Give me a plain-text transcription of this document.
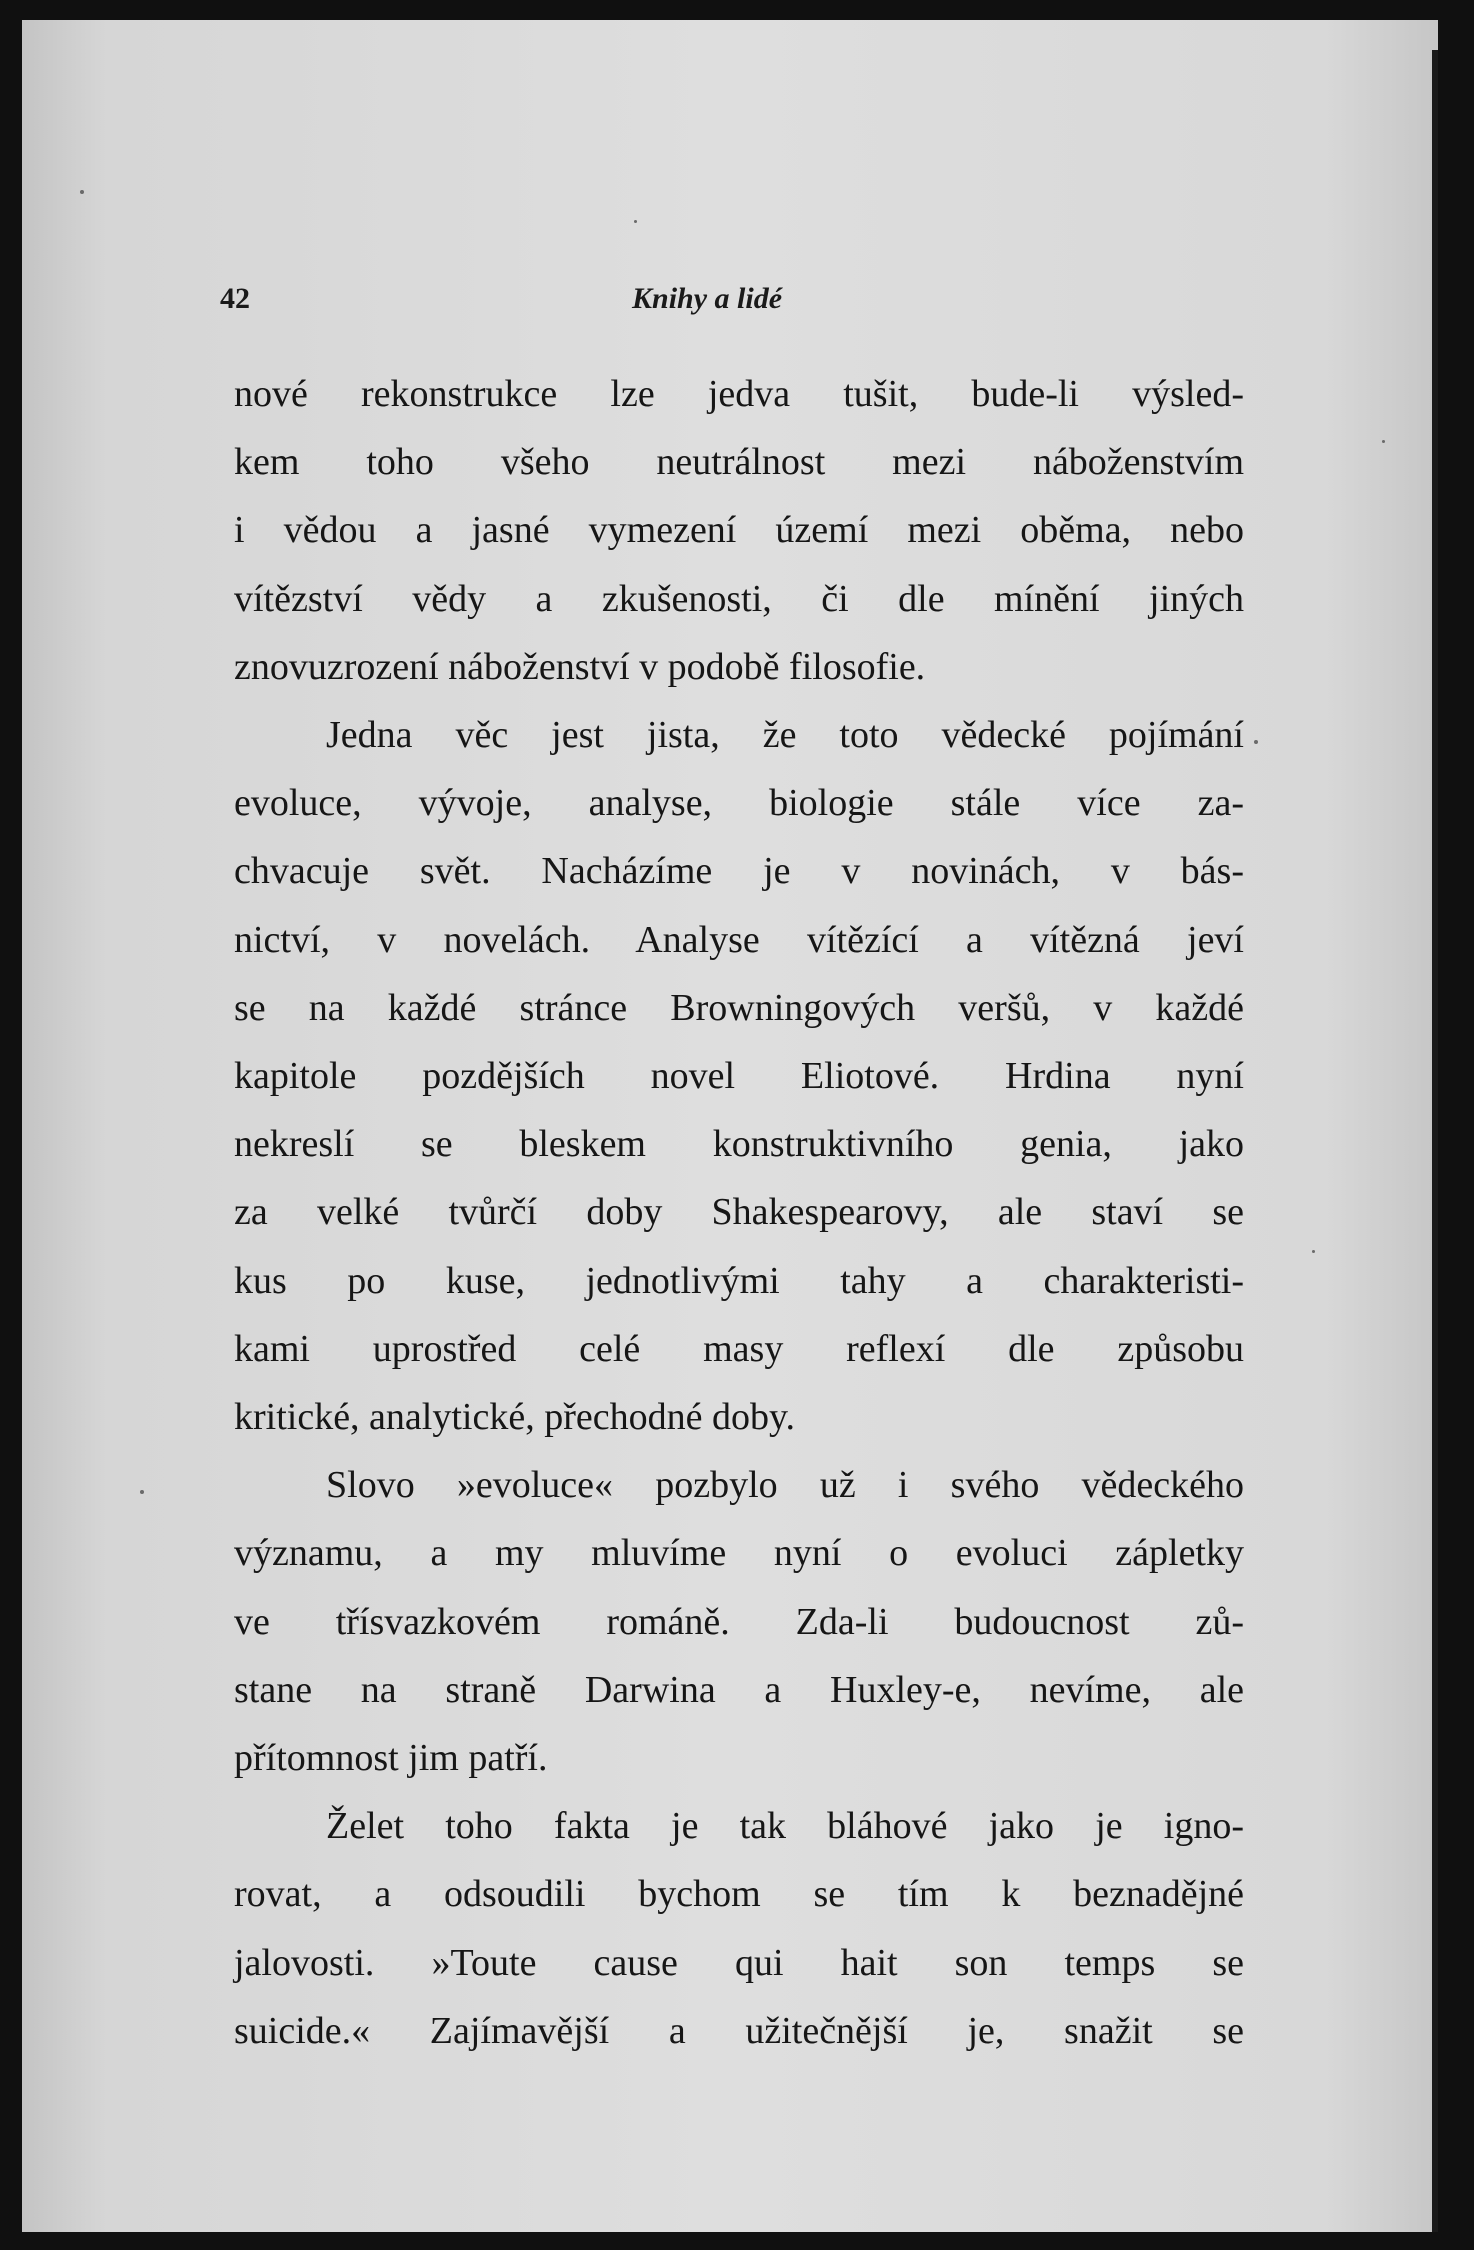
42	Knihy a lidé

nové rekonstrukce lze jedva tušit, bude-li výsled-
kem toho všeho neutrálnost mezi náboženstvím
i vědou a jasné vymezení území mezi oběma, nebo
vítězství vědy a zkušenosti, či dle mínění jiných
znovuzrození náboženství v podobě filosofie.

Jedna věc jest jista, že toto vědecké pojímání
evoluce, vývoje, analyse, biologie stále více za-
chvacuje svět. Nacházíme je v novinách, v bás-
nictví, v novelách. Analyse vítězící a vítězná jeví
se na každé stránce Browningových veršů, v každé
kapitole pozdějších novel Eliotové. Hrdina nyní
nekreslí se bleskem konstruktivního genia, jako
za velké tvůrčí doby Shakespearovy, ale staví se
kus po kuse, jednotlivými tahy a charakteristi-
kami uprostřed celé masy reflexí dle způsobu
kritické, analytické, přechodné doby.

Slovo »evoluce« pozbylo už i svého vědeckého
významu, a my mluvíme nyní o evoluci zápletky
ve třísvazkovém románě. Zda-li budoucnost zů-
stane na straně Darwina a Huxley-e, nevíme, ale
přítomnost jim patří.

Želet toho fakta je tak bláhové jako je igno-
rovat, a odsoudili bychom se tím k beznadějné
jalovosti. »Toute cause qui hait son temps se
suicide.« Zajímavější a užitečnější je, snažit se
